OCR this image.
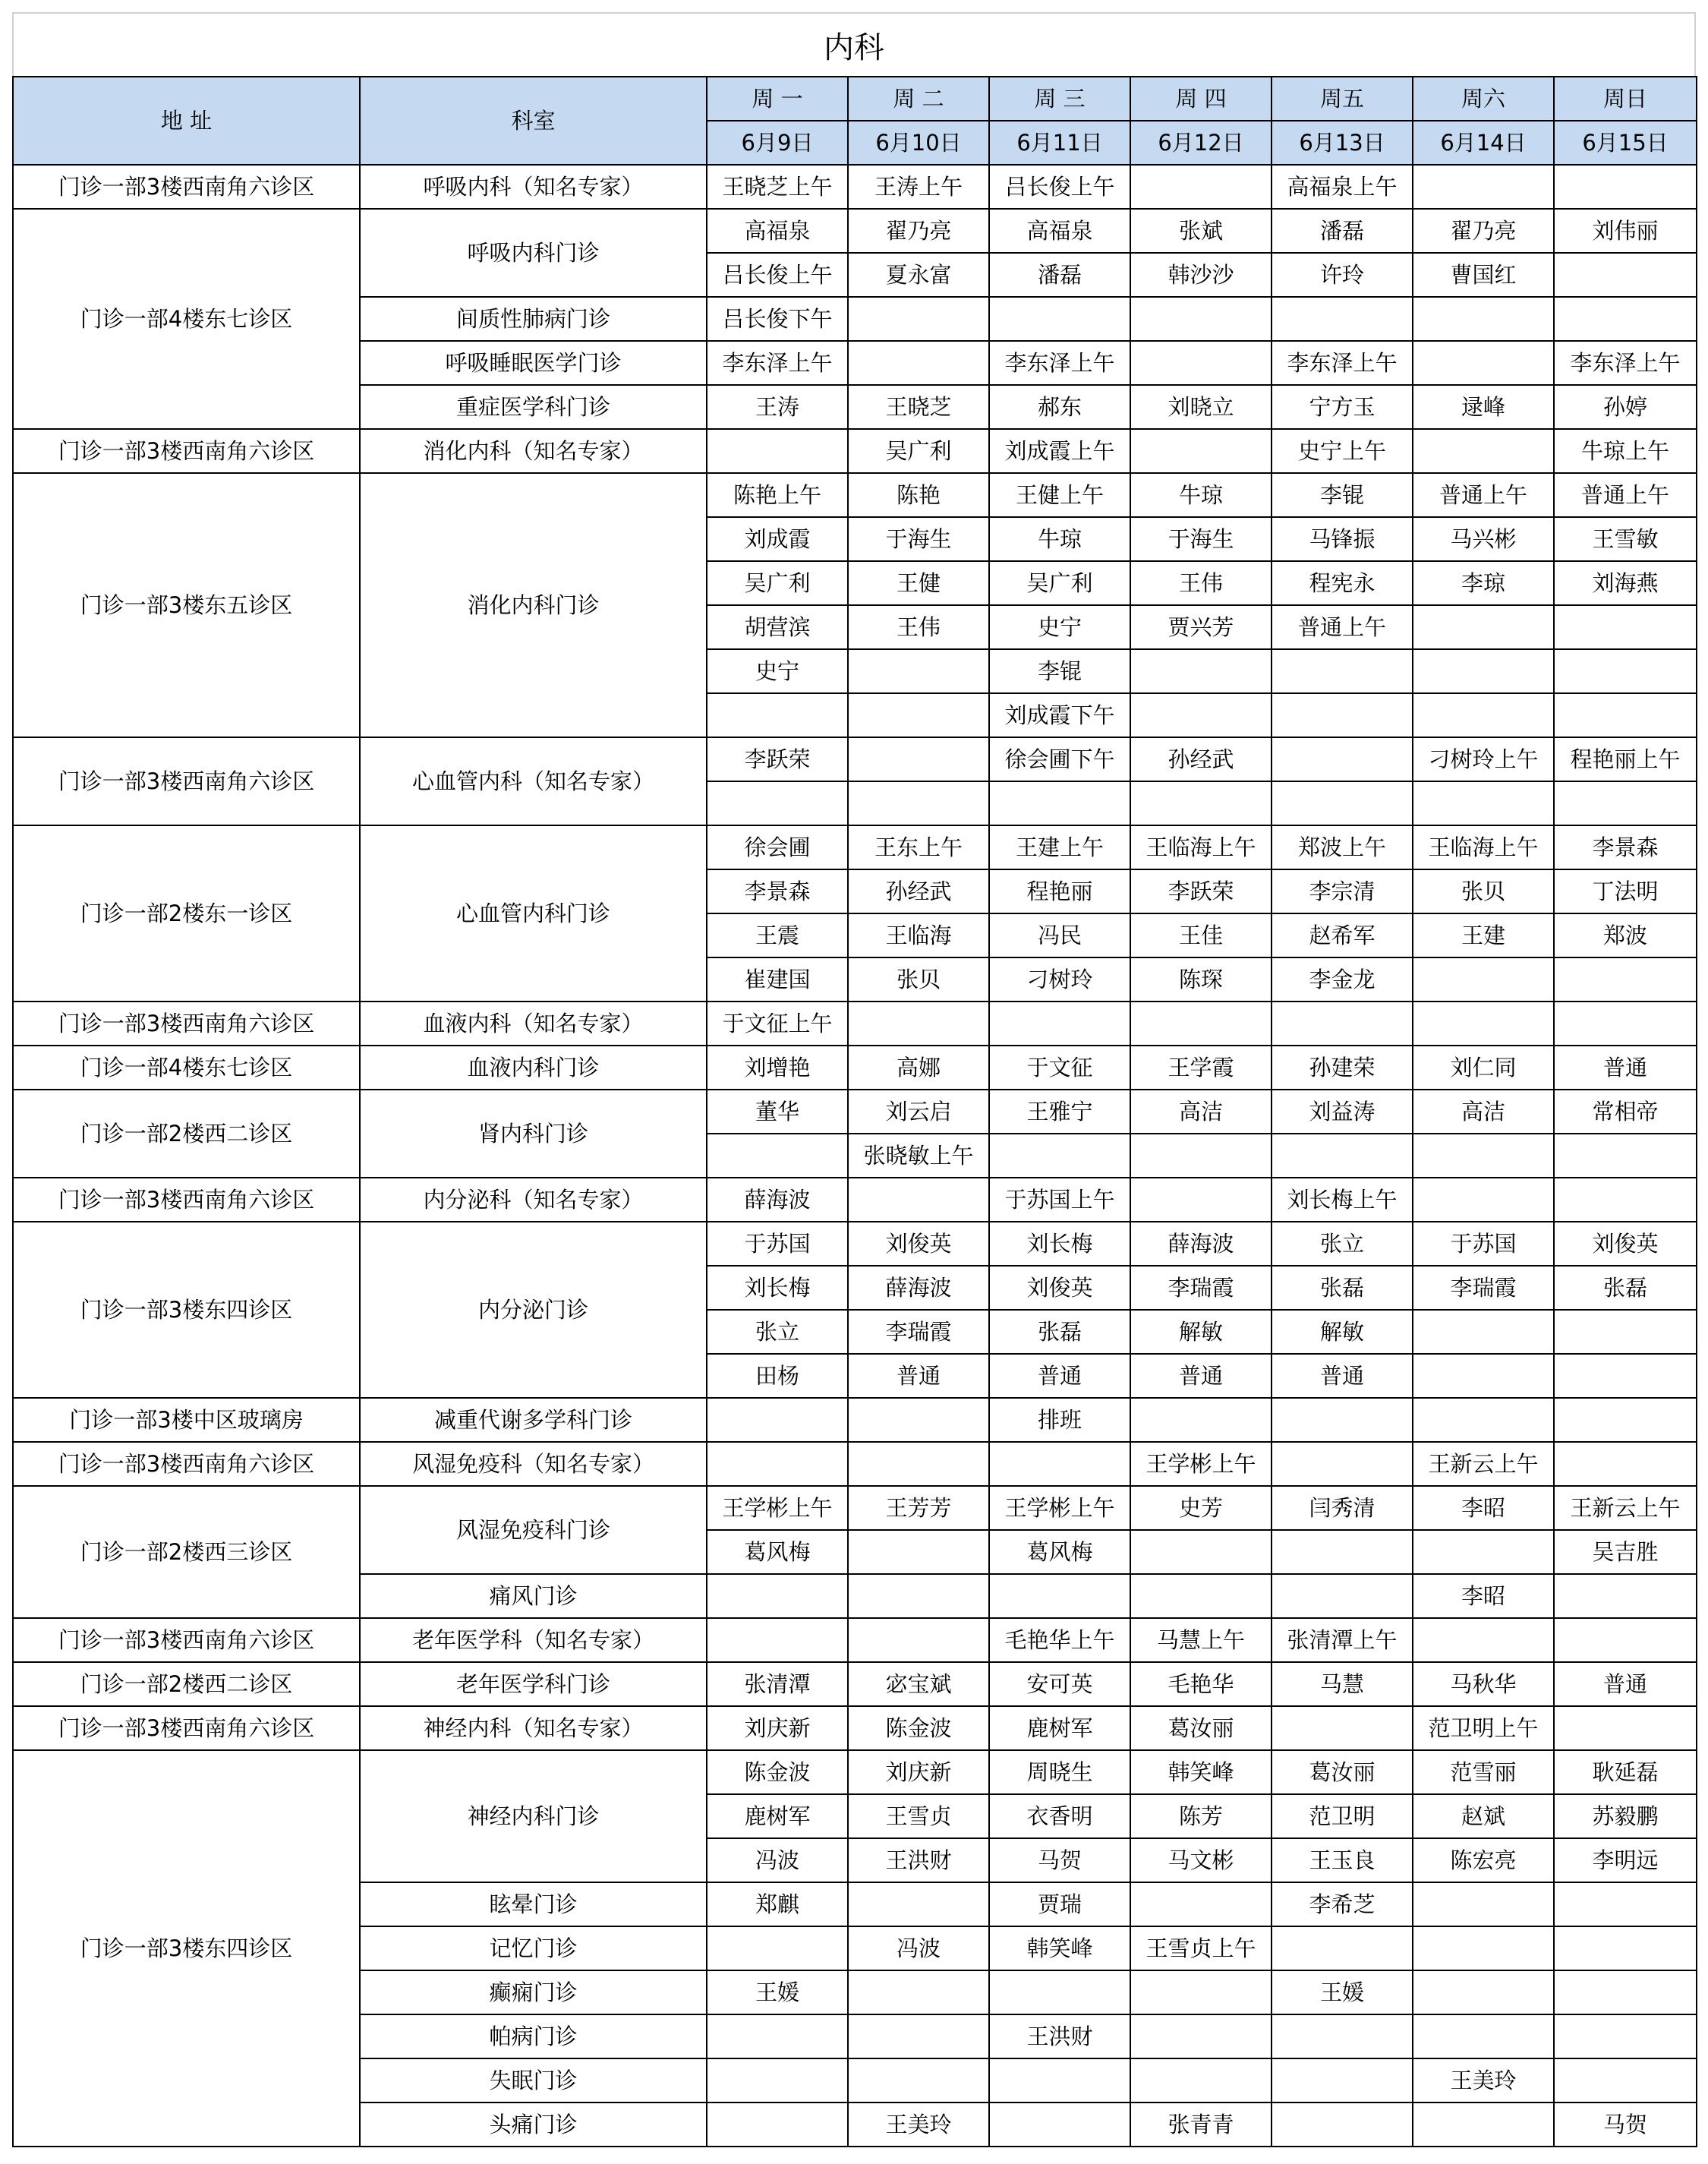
内科
地 址	科室	周 一	周 二	周 三	周 四	周五	周六	周日
		6月9日	6月10日	6月11日	6月12日	6月13日	6月14日	6月15日
门诊一部3楼西南角六诊区	呼吸内科（知名专家）	王晓芝上午	王涛上午	吕长俊上午		高福泉上午		
门诊一部4楼东七诊区	呼吸内科门诊	高福泉	翟乃亮	高福泉	张斌	潘磊	翟乃亮	刘伟丽
		吕长俊上午	夏永富	潘磊	韩沙沙	许玲	曹国红	
	间质性肺病门诊	吕长俊下午						
	呼吸睡眠医学门诊	李东泽上午		李东泽上午		李东泽上午		李东泽上午
	重症医学科门诊	王涛	王晓芝	郝东	刘晓立	宁方玉	逯峰	孙婷
门诊一部3楼西南角六诊区	消化内科（知名专家）		吴广利	刘成霞上午		史宁上午		牛琼上午
门诊一部3楼东五诊区	消化内科门诊	陈艳上午	陈艳	王健上午	牛琼	李锟	普通上午	普通上午
		刘成霞	于海生	牛琼	于海生	马锋振	马兴彬	王雪敏
		吴广利	王健	吴广利	王伟	程宪永	李琼	刘海燕
		胡营滨	王伟	史宁	贾兴芳	普通上午		
		史宁		李锟				
				刘成霞下午				
门诊一部3楼西南角六诊区	心血管内科（知名专家）	李跃荣		徐会圃下午	孙经武		刁树玲上午	程艳丽上午

门诊一部2楼东一诊区	心血管内科门诊	徐会圃	王东上午	王建上午	王临海上午	郑波上午	王临海上午	李景森
		李景森	孙经武	程艳丽	李跃荣	李宗清	张贝	丁法明
		王震	王临海	冯民	王佳	赵希军	王建	郑波
		崔建国	张贝	刁树玲	陈琛	李金龙		
门诊一部3楼西南角六诊区	血液内科（知名专家）	于文征上午						
门诊一部4楼东七诊区	血液内科门诊	刘增艳	高娜	于文征	王学霞	孙建荣	刘仁同	普通
门诊一部2楼西二诊区	肾内科门诊	董华	刘云启	王雅宁	高洁	刘益涛	高洁	常相帝
			张晓敏上午					
门诊一部3楼西南角六诊区	内分泌科（知名专家）	薛海波		于苏国上午		刘长梅上午		
门诊一部3楼东四诊区	内分泌门诊	于苏国	刘俊英	刘长梅	薛海波	张立	于苏国	刘俊英
		刘长梅	薛海波	刘俊英	李瑞霞	张磊	李瑞霞	张磊
		张立	李瑞霞	张磊	解敏	解敏		
		田杨	普通	普通	普通	普通		
门诊一部3楼中区玻璃房	减重代谢多学科门诊			排班				
门诊一部3楼西南角六诊区	风湿免疫科（知名专家）				王学彬上午		王新云上午	
门诊一部2楼西三诊区	风湿免疫科门诊	王学彬上午	王芳芳	王学彬上午	史芳	闫秀清	李昭	王新云上午
		葛风梅		葛风梅				吴吉胜
	痛风门诊						李昭	
门诊一部3楼西南角六诊区	老年医学科（知名专家）			毛艳华上午	马慧上午	张清潭上午		
门诊一部2楼西二诊区	老年医学科门诊	张清潭	宓宝斌	安可英	毛艳华	马慧	马秋华	普通
门诊一部3楼西南角六诊区	神经内科（知名专家）	刘庆新	陈金波	鹿树军	葛汝丽		范卫明上午	
门诊一部3楼东四诊区	神经内科门诊	陈金波	刘庆新	周晓生	韩笑峰	葛汝丽	范雪丽	耿延磊
		鹿树军	王雪贞	衣香明	陈芳	范卫明	赵斌	苏毅鹏
		冯波	王洪财	马贺	马文彬	王玉良	陈宏亮	李明远
	眩晕门诊	郑麒		贾瑞		李希芝		
	记忆门诊		冯波	韩笑峰	王雪贞上午			
	癫痫门诊	王媛				王媛		
	帕病门诊			王洪财				
	失眠门诊						王美玲	
	头痛门诊		王美玲		张青青			马贺
